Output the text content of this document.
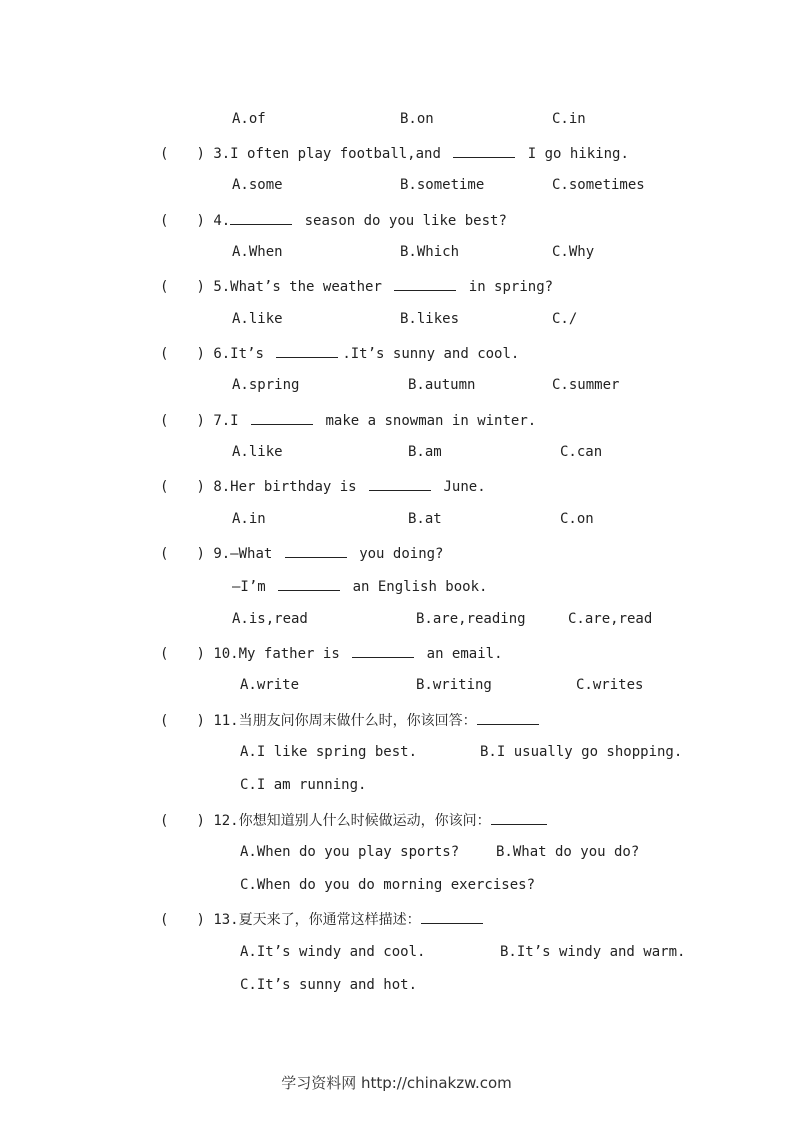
A.of	B.on	C.in
( ) 3.I often play football,and	I go hiking.
A.some	B.sometime	C.sometimes
( ) 4.	season do you like best?
A.When	B.Which	C.Why
( ) 5.What’s the weather	in spring?
A.like	B.likes	C./
( ) 6.It’s	.It’s sunny and cool.
A.spring	B.autumn	C.summer
( ) 7.I	make a snowman in winter.
A.like	B.am	C.can
( ) 8.Her birthday is	June.
A.in	B.at	C.on
( ) 9.—What	you doing?
—I’m	an English book.
A.is,read	B.are,reading	C.are,read
( ) 10.My father is	an email.
A.write	B.writing	C.writes
( ) 11.当朋友问你周末做什么时，你该回答：
A.I like spring best.	B.I usually go shopping.
C.I am running.
( ) 12.你想知道别人什么时候做运动，你该问：
A.When do you play sports?	B.What do you do?
C.When do you do morning exercises?
( ) 13.夏天来了，你通常这样描述：
A.It’s windy and cool.	B.It’s windy and warm.
C.It’s sunny and hot.
学习资料网 http://chinakzw.com
